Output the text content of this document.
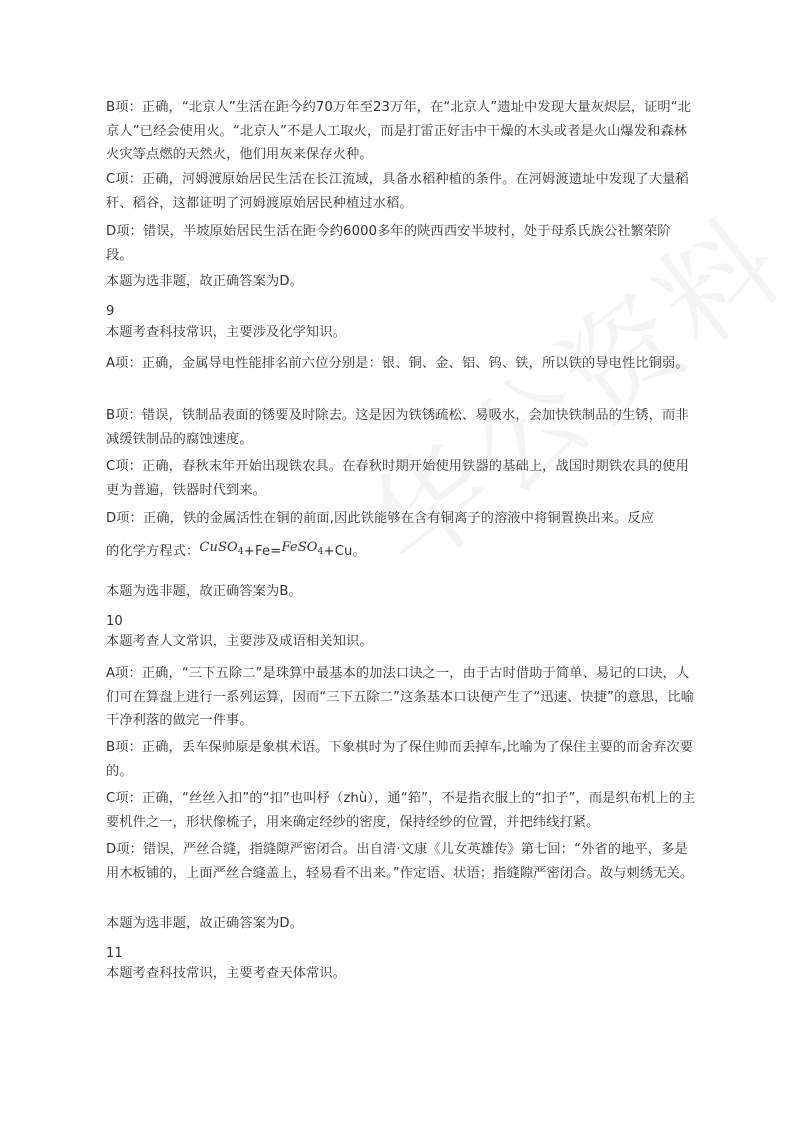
B项：正确，“北京人”生活在距今约70万年至23万年，在“北京人”遗址中发现大量灰烬层，证明“北京人”已经会使用火。“北京人”不是人工取火，而是打雷正好击中干燥的木头或者是火山爆发和森林火灾等点燃的天然火，他们用灰来保存火种。

C项：正确，河姆渡原始居民生活在长江流域，具备水稻种植的条件。在河姆渡遗址中发现了大量稻秆、稻谷，这都证明了河姆渡原始居民种植过水稻。

D项：错误，半坡原始居民生活在距今约6000多年的陕西西安半坡村，处于母系氏族公社繁荣阶段。

本题为选非题，故正确答案为D。

9

本题考查科技常识，主要涉及化学知识。

A项：正确，金属导电性能排名前六位分别是：银、铜、金、铝、钨、铁，所以铁的导电性比铜弱。

B项：错误，铁制品表面的锈要及时除去。这是因为铁锈疏松、易吸水，会加快铁制品的生锈，而非减缓铁制品的腐蚀速度。

C项：正确，春秋末年开始出现铁农具。在春秋时期开始使用铁器的基础上，战国时期铁农具的使用更为普遍，铁器时代到来。

D项：正确，铁的金属活性在铜的前面,因此铁能够在含有铜离子的溶液中将铜置换出来。反应

的化学方程式：CuSO$_4$+Fe=FeSO$_4$+Cu。

本题为选非题，故正确答案为B。

10

本题考查人文常识，主要涉及成语相关知识。

A项：正确，“三下五除二”是珠算中最基本的加法口诀之一，由于古时借助于简单、易记的口诀，人们可在算盘上进行一系列运算，因而“三下五除二”这条基本口诀便产生了“迅速、快捷”的意思，比喻干净利落的做完一件事。

B项：正确，丢车保帅原是象棋术语。下象棋时为了保住帅而丢掉车,比喻为了保住主要的而舍弃次要的。

C项：正确，“丝丝入扣”的“扣”也叫杼（zhù），通“筘”，不是指衣服上的“扣子”，而是织布机上的主要机件之一，形状像梳子，用来确定经纱的密度，保持经纱的位置，并把纬线打紧。

D项：错误，严丝合缝，指缝隙严密闭合。出自清·文康《儿女英雄传》第七回：“外省的地平，多是用木板铺的，上面严丝合缝盖上，轻易看不出来。”作定语、状语；指缝隙严密闭合。故与刺绣无关。

本题为选非题，故正确答案为D。

11

本题考查科技常识，主要考查天体常识。
